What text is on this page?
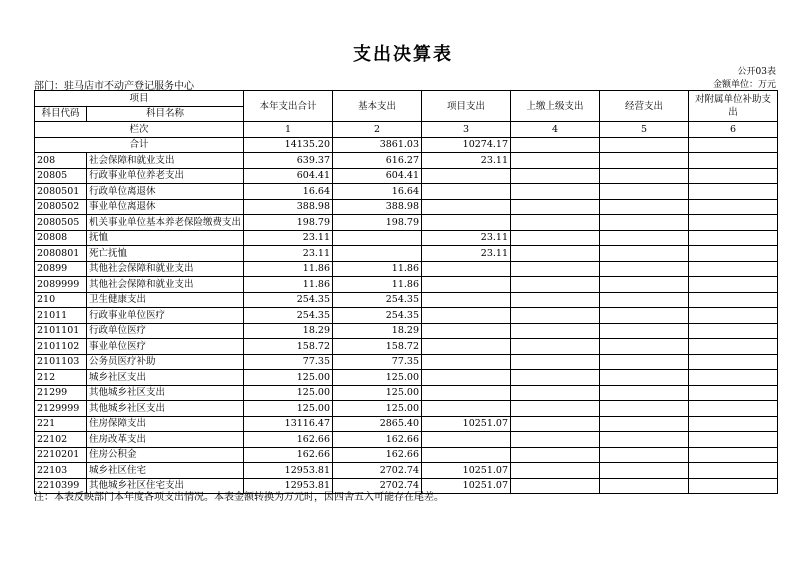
支出决算表
公开03表
部门：驻马店市不动产登记服务中心	金额单位：万元
项目		本年支出合计	基本支出	项目支出	上缴上级支出	经营支出	对附属单位补助支出
科目代码	科目名称						
栏次		1	2	3	4	5	6
合计		14135.20	3861.03	10274.17			
208	社会保障和就业支出	639.37	616.27	23.11			
20805	行政事业单位养老支出	604.41	604.41				
2080501	行政单位离退休	16.64	16.64				
2080502	事业单位离退休	388.98	388.98				
2080505	机关事业单位基本养老保险缴费支出	198.79	198.79				
20808	抚恤	23.11		23.11			
2080801	死亡抚恤	23.11		23.11			
20899	其他社会保障和就业支出	11.86	11.86				
2089999	其他社会保障和就业支出	11.86	11.86				
210	卫生健康支出	254.35	254.35				
21011	行政事业单位医疗	254.35	254.35				
2101101	行政单位医疗	18.29	18.29				
2101102	事业单位医疗	158.72	158.72				
2101103	公务员医疗补助	77.35	77.35				
212	城乡社区支出	125.00	125.00				
21299	其他城乡社区支出	125.00	125.00				
2129999	其他城乡社区支出	125.00	125.00				
221	住房保障支出	13116.47	2865.40	10251.07			
22102	住房改革支出	162.66	162.66				
2210201	住房公积金	162.66	162.66				
22103	城乡社区住宅	12953.81	2702.74	10251.07			
2210399	其他城乡社区住宅支出	12953.81	2702.74	10251.07			
注：本表反映部门本年度各项支出情况。本表金额转换为万元时，因四舍五入可能存在尾差。
